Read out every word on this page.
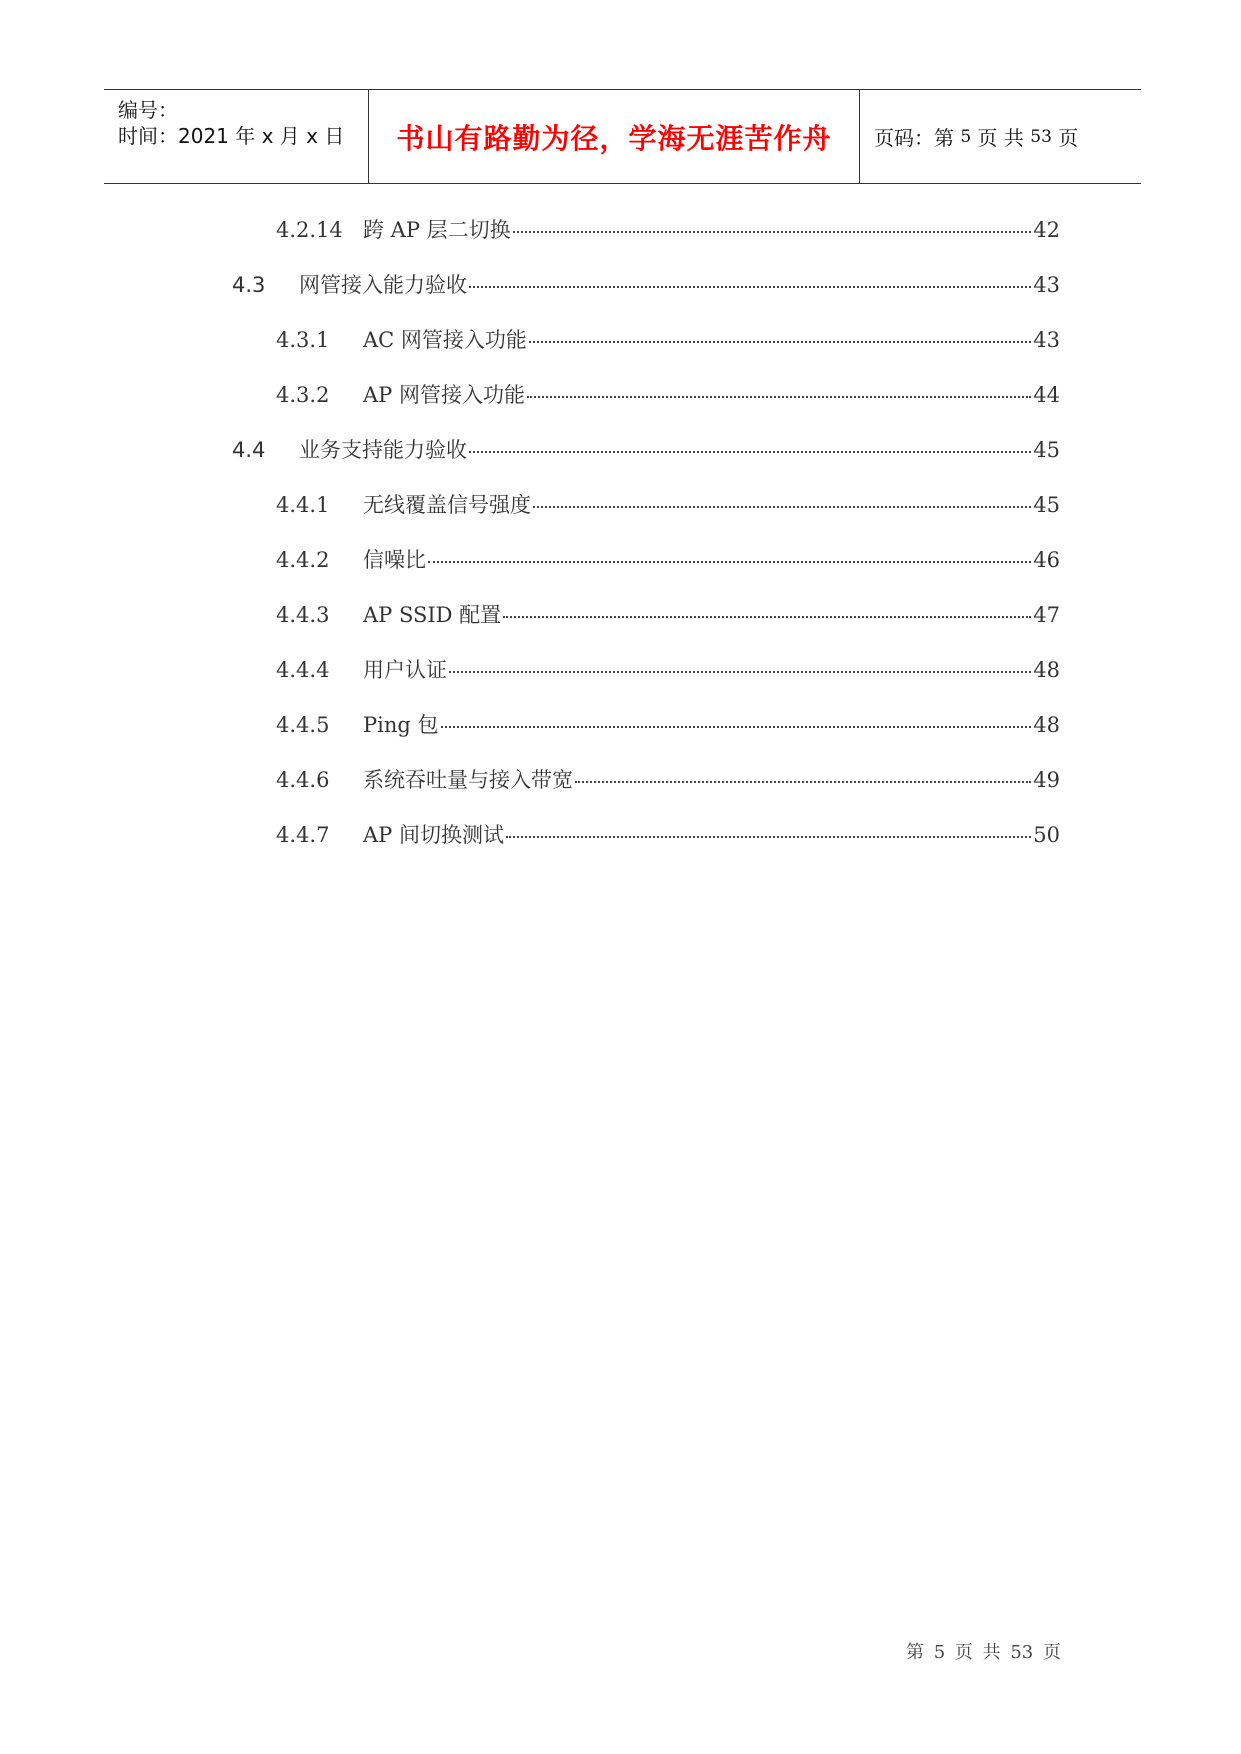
编号：
时间：2021 年 x 月 x 日 书山有路勤为径，学海无涯苦作舟 页码：第
5
页 共
53
页
4.2.14 跨 AP 层二切换	42
4.3	网管接入能力验收	43
4.3.1	AC 网管接入功能	43
4.3.2	AP 网管接入功能	44
4.4	业务支持能力验收	45
4.4.1	无线覆盖信号强度	45
4.4.2	信噪比	46
4.4.3	AP SSID 配置	47
4.4.4	用户认证	48
4.4.5	Ping 包	48
4.4.6	系统吞吐量与接入带宽	49
4.4.7	AP 间切换测试	50
第 5 页 共 53 页
